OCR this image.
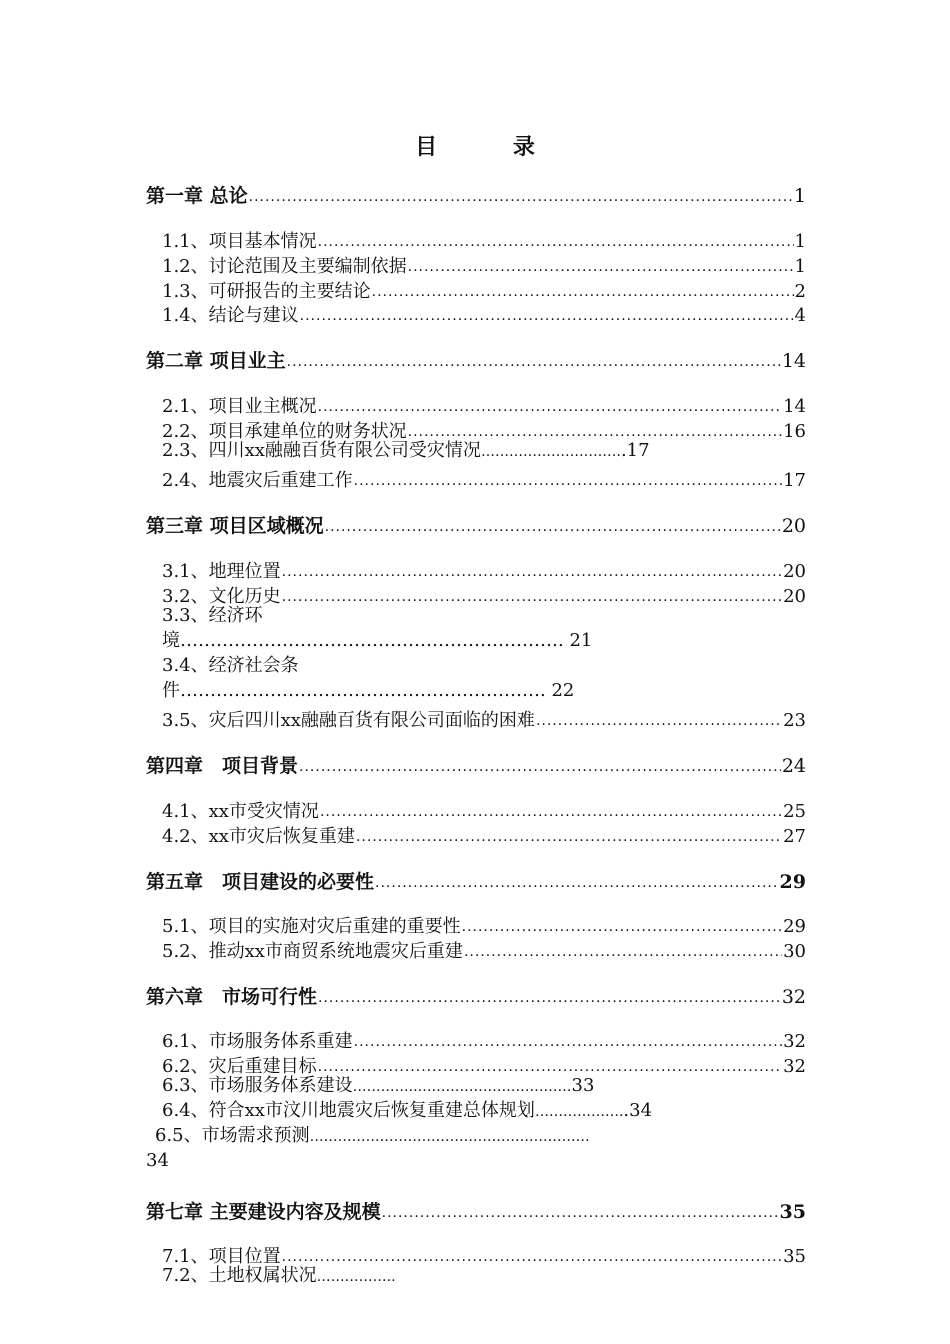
目 录
第一章 总论 .....	1
1.1、项目基本情况 .....	1
1.2、讨论范围及主要编制依据 .....	1
1.3、可研报告的主要结论 .....	2
1.4、结论与建议 .....	4
第二章 项目业主 .....	14
2.1、项目业主概况 .....	14
2.2、项目承建单位的财务状况 .....	16
2.3、四川xx融融百货有限公司受灾情况………………………….17
2.4、地震灾后重建工作 .....	17
第三章 项目区域概况 .....	20
3.1、地理位置 .....	20
3.2、文化历史 .....	20
3.3、经济环
境………………………………………………………. 21
3.4、经济社会条
件……………………………………………………. 22
3.5、灾后四川xx融融百货有限公司面临的困难 .....	23
第四章　项目背景 .....	24
4.1、xx市受灾情况 .....	25
4.2、xx市灾后恢复重建 .....	27
第五章　项目建设的必要性 .....	29
5.1、项目的实施对灾后重建的重要性 .....	29
5.2、推动xx市商贸系统地震灾后重建 .....	30
第六章　市场可行性 .....	32
6.1、市场服务体系重建 .....	32
6.2、灾后重建目标 .....	32
6.3、市场服务体系建设…………..……………………………33
6.4、符合xx市汶川地震灾后恢复重建总体规划………………..34
6.5、市场需求预测……………………………………………………
34
第七章 主要建设内容及规模 .....	35
7.1、项目位置 .....	35
7.2、土地权属状况……………..
